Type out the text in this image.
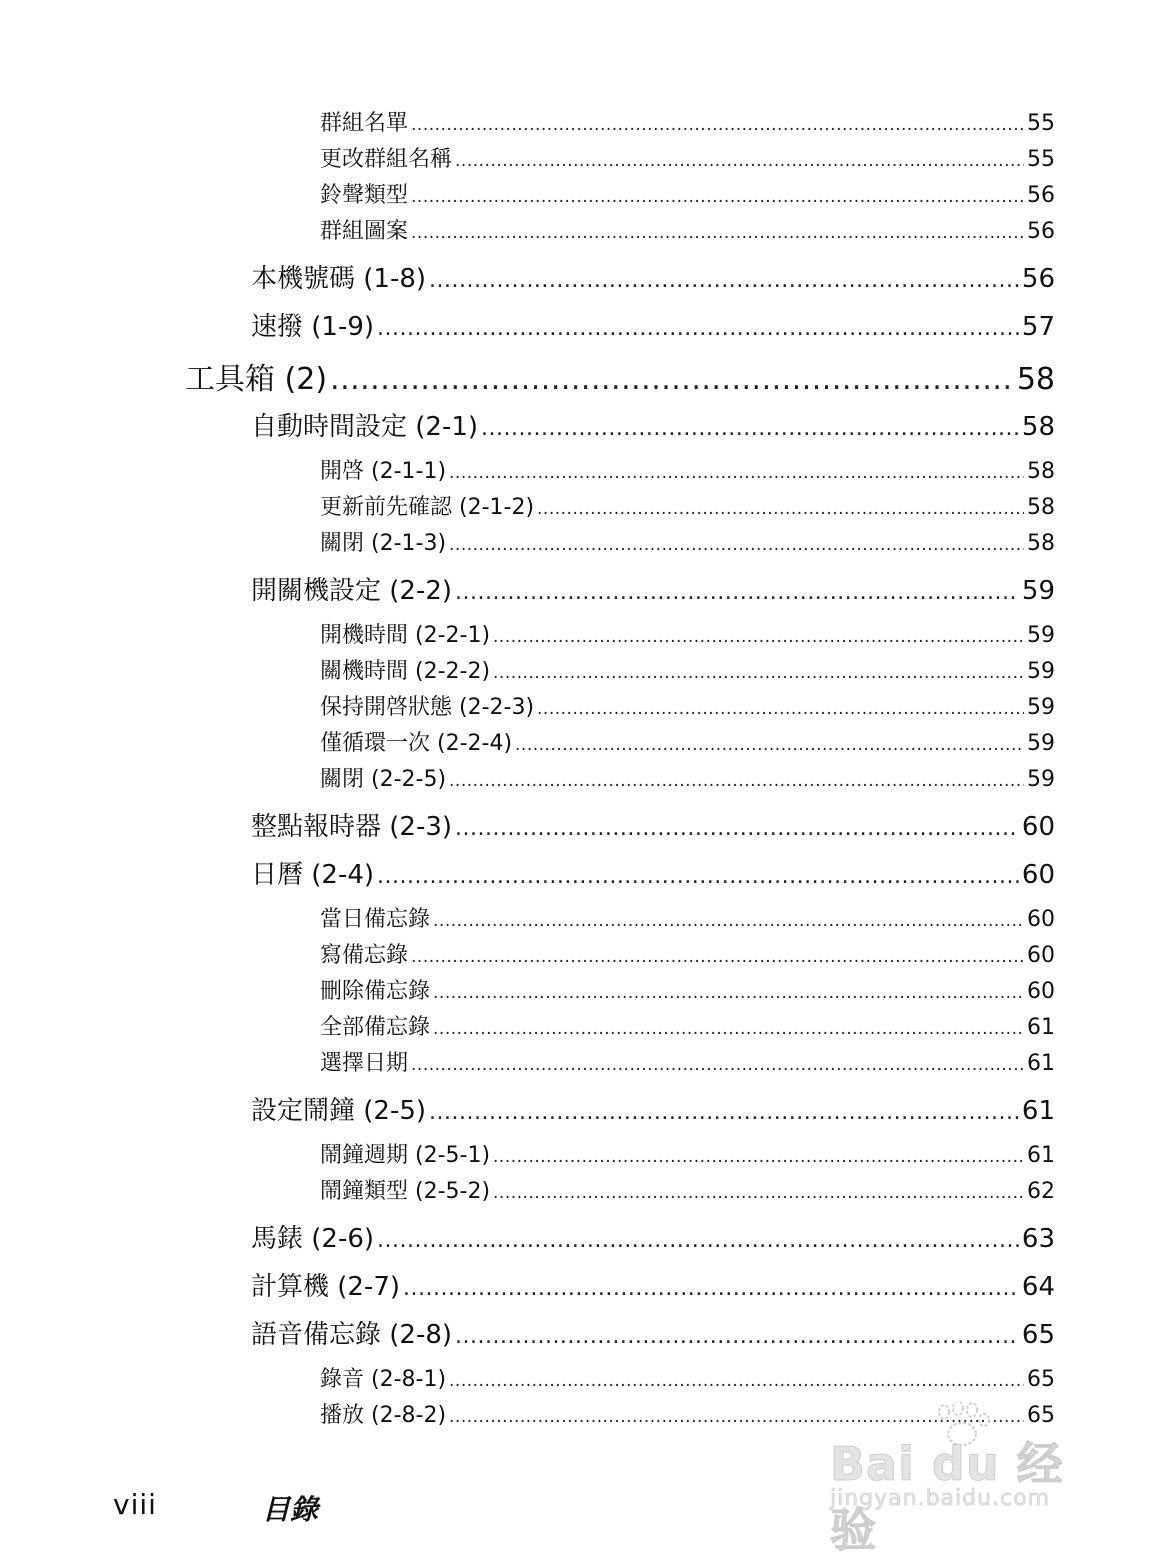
群組名單 .....	55
更改群組名稱 .....	55
鈴聲類型 .....	56
群組圖案 .....	56
本機號碼 (1-8) .....	56
速撥 (1-9) .....	57
工具箱 (2) .....	58
自動時間設定 (2-1) .....	58
開啓 (2-1-1) .....	58
更新前先確認 (2-1-2) .....	58
關閉 (2-1-3) .....	58
開關機設定 (2-2) .....	59
開機時間 (2-2-1) .....	59
關機時間 (2-2-2) .....	59
保持開啓狀態 (2-2-3) .....	59
僅循環一次 (2-2-4) .....	59
關閉 (2-2-5) .....	59
整點報時器 (2-3) .....	60
日曆 (2-4) .....	60
當日備忘錄 .....	60
寫備忘錄 .....	60
刪除備忘錄 .....	60
全部備忘錄 .....	61
選擇日期 .....	61
設定鬧鐘 (2-5) .....	61
鬧鐘週期 (2-5-1) .....	61
鬧鐘類型 (2-5-2) .....	62
馬錶 (2-6) .....	63
計算機 (2-7) .....	64
語音備忘錄 (2-8) .....	65
錄音 (2-8-1) .....	65
播放 (2-8-2) .....	65
viii	目錄
Bai du 经验
jingyan.baidu.com
